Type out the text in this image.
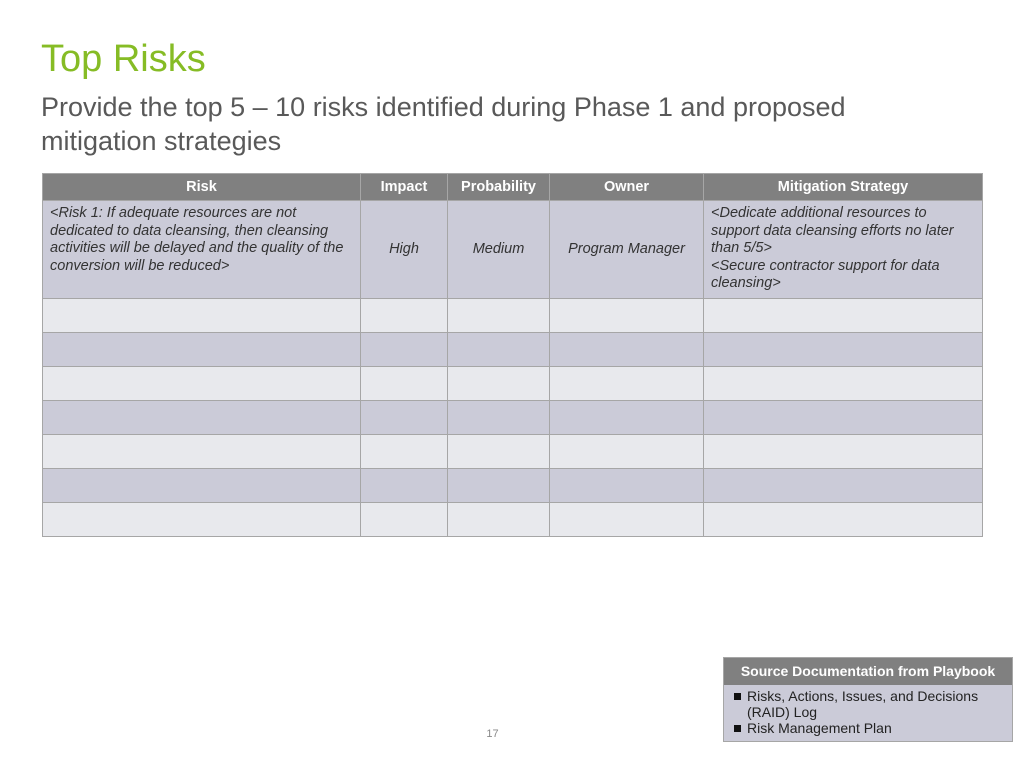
Top Risks

Provide the top 5 – 10 risks identified during Phase 1 and proposed mitigation strategies

Risk	Impact	Probability	Owner	Mitigation Strategy
<Risk 1: If adequate resources are not dedicated to data cleansing, then cleansing activities will be delayed and the quality of the conversion will be reduced>	High	Medium	Program Manager	<Dedicate additional resources to support data cleansing efforts no later than 5/5>
<Secure contractor support for data cleansing>

17
Source Documentation from Playbook
Risks, Actions, Issues, and Decisions (RAID) Log
Risk Management Plan
